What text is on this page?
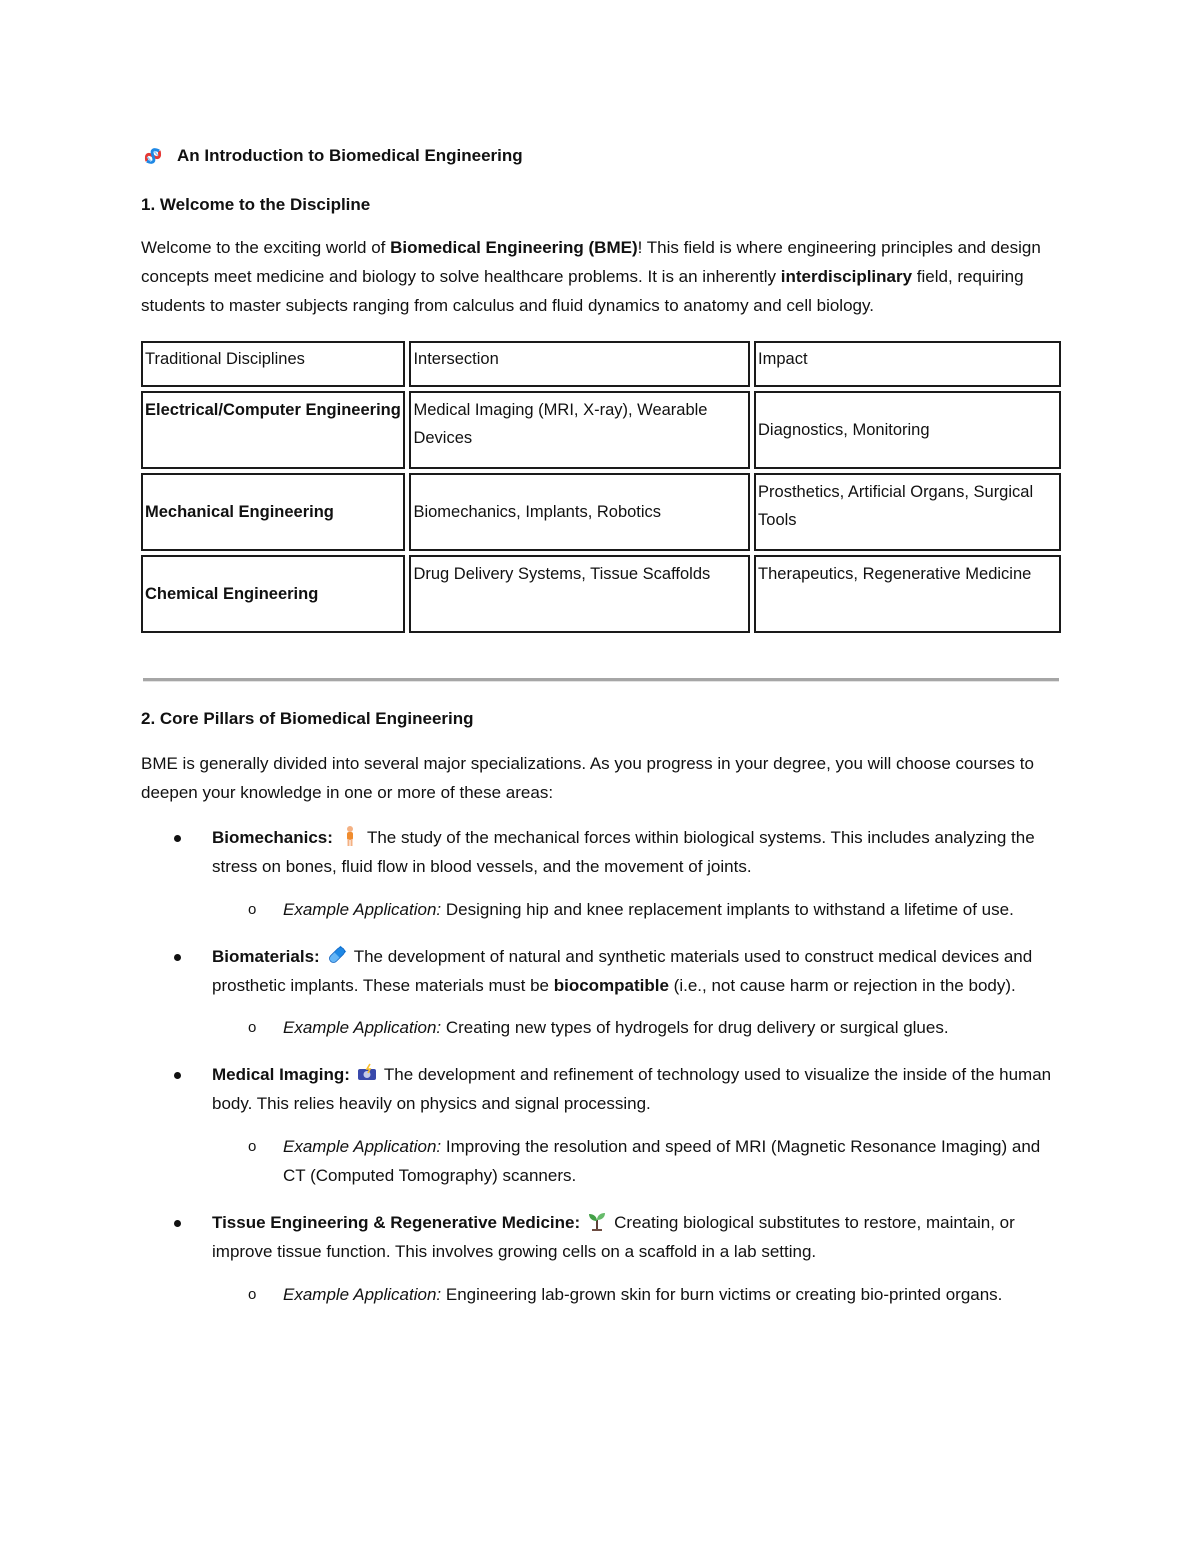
An Introduction to Biomedical Engineering
1. Welcome to the Discipline

Welcome to the exciting world of Biomedical Engineering (BME)! This field is where engineering principles and design concepts meet medicine and biology to solve healthcare problems. It is an inherently interdisciplinary field, requiring students to master subjects ranging from calculus and fluid dynamics to anatomy and cell biology.

Traditional Disciplines	Intersection	Impact
Electrical/Computer Engineering	Medical Imaging (MRI, X-ray), Wearable Devices	Diagnostics, Monitoring
Mechanical Engineering	Biomechanics, Implants, Robotics	Prosthetics, Artificial Organs, Surgical Tools
Chemical Engineering	Drug Delivery Systems, Tissue Scaffolds	Therapeutics, Regenerative Medicine
2. Core Pillars of Biomedical Engineering

BME is generally divided into several major specializations. As you progress in your degree, you will choose courses to deepen your knowledge in one or more of these areas:

Biomechanics: The study of the mechanical forces within biological systems. This includes analyzing the stress on bones, fluid flow in blood vessels, and the movement of joints.
o Example Application: Designing hip and knee replacement implants to withstand a lifetime of use.
Biomaterials: The development of natural and synthetic materials used to construct medical devices and prosthetic implants. These materials must be biocompatible (i.e., not cause harm or rejection in the body).
o Example Application: Creating new types of hydrogels for drug delivery or surgical glues.
Medical Imaging: The development and refinement of technology used to visualize the inside of the human body. This relies heavily on physics and signal processing.
o Example Application: Improving the resolution and speed of MRI (Magnetic Resonance Imaging) and CT (Computed Tomography) scanners.
Tissue Engineering & Regenerative Medicine: Creating biological substitutes to restore, maintain, or improve tissue function. This involves growing cells on a scaffold in a lab setting.
o Example Application: Engineering lab-grown skin for burn victims or creating bio-printed organs.
